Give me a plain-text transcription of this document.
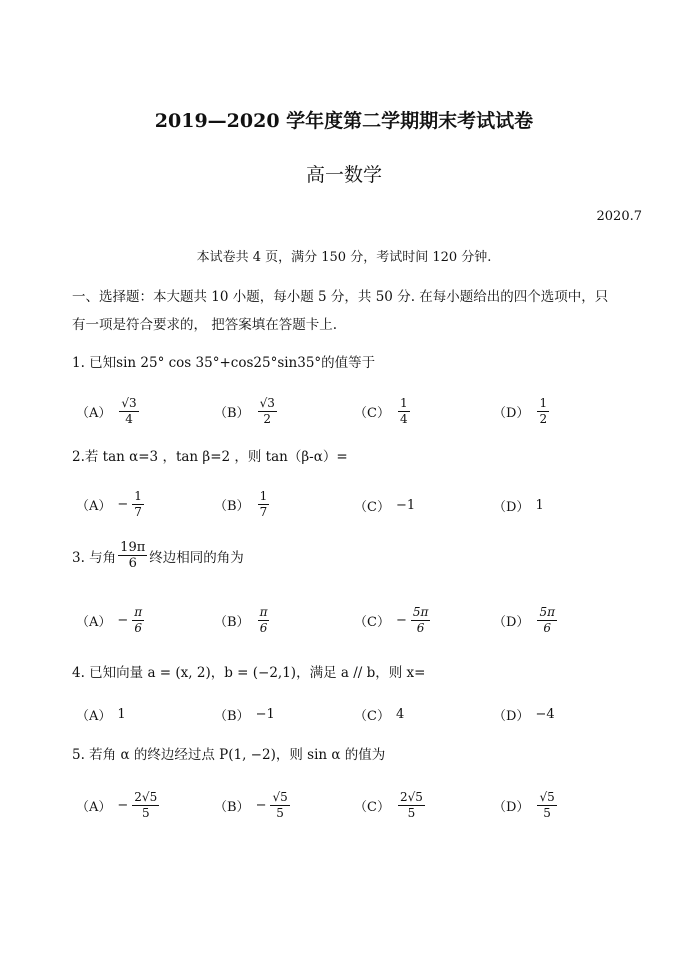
2019—2020 学年度第二学期期末考试试卷
高一数学
2020.7
本试卷共 4 页，满分 150 分，考试时间 120 分钟.
一、选择题：本大题共 10 小题，每小题 5 分，共 50 分. 在每小题给出的四个选项中，只有一项是符合要求的， 把答案填在答题卡上.
1. 已知sin 25° cos 35°+cos25°sin35°的值等于
$(A) \frac{√3}{4}$	$(B) \frac{√3}{2}$	$(C) \frac{1}{4}$	$(D) \frac{1}{2}$
2.若 tan α=3 ，tan β=2 ，则 tan（β-α）=
$(A) - \frac{1}{7}$	$(B) \frac{1}{7}$	（C） −1	（D） 1
3. 与角 $\frac{19\pi}{6}$ 终边相同的角为
$(A) - \frac{\pi}{6}$	$(B) \frac{\pi}{6}$	$(C) - \frac{5\pi}{6}$	$(D) \frac{5\pi}{6}$
4. 已知向量 a = (x, 2)，b = (−2,1)，满足 a // b，则 x=
（A） 1	（B） −1	（C） 4	（D） −4
5. 若角 α 的终边经过点 P(1, −2)，则 sin α 的值为
$(A) - \frac{2√5}{5}$	$(B) - \frac{√5}{5}$	$(C) \frac{2√5}{5}$	$(D) \frac{√5}{5}$
